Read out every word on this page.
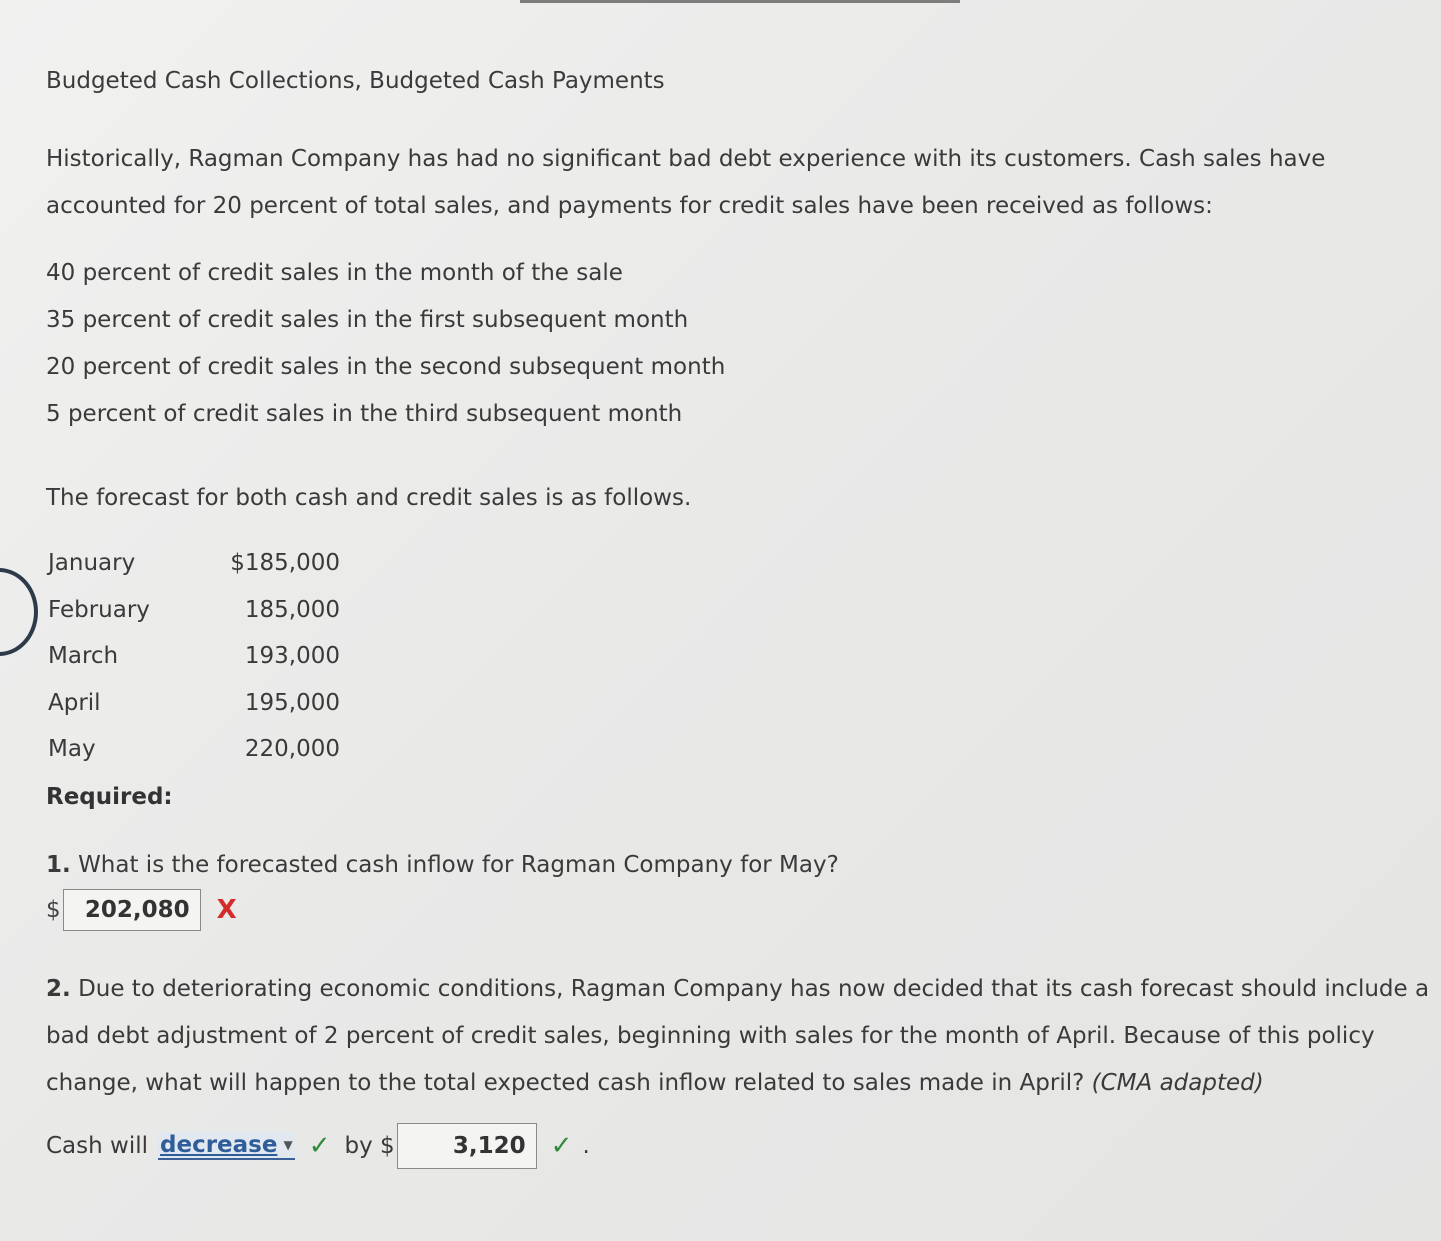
Budgeted Cash Collections, Budgeted Cash Payments
Historically, Ragman Company has had no significant bad debt experience with its customers. Cash sales have accounted for 20 percent of total sales, and payments for credit sales have been received as follows:
40 percent of credit sales in the month of the sale
35 percent of credit sales in the first subsequent month
20 percent of credit sales in the second subsequent month
5 percent of credit sales in the third subsequent month
The forecast for both cash and credit sales is as follows.
January	$185,000
February	185,000
March	193,000
April	195,000
May	220,000
Required:
1. What is the forecasted cash inflow for Ragman Company for May?
$ 202,080 X
2. Due to deteriorating economic conditions, Ragman Company has now decided that its cash forecast should include a bad debt adjustment of 2 percent of credit sales, beginning with sales for the month of April. Because of this policy change, what will happen to the total expected cash inflow related to sales made in April? (CMA adapted)
Cash will decrease ▼ ✓ by $	3,120 ✓ .
